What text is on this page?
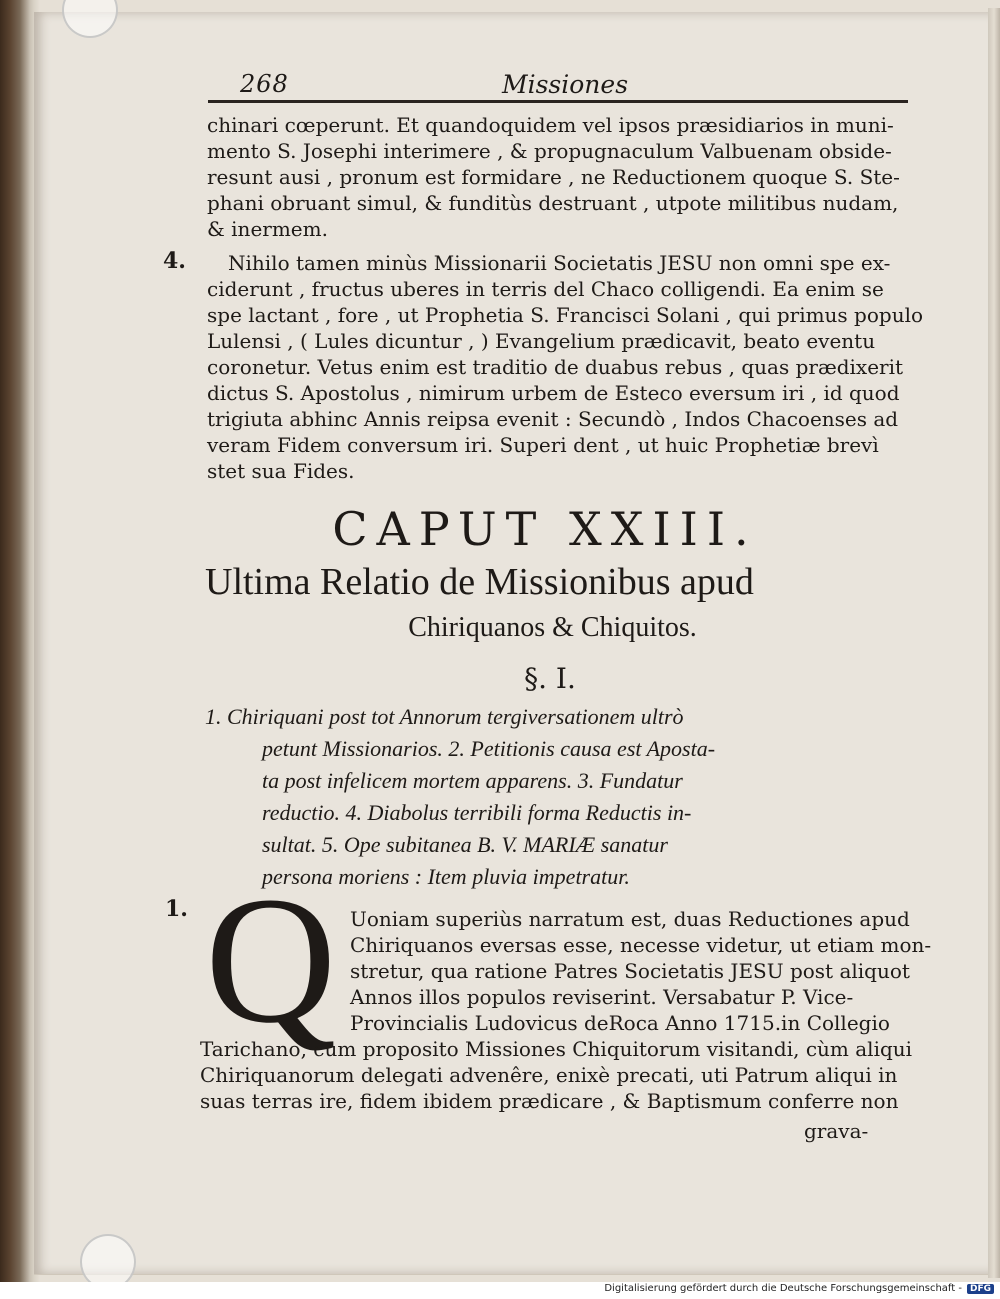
268	Missiones
chinari cœperunt. Et quandoquidem vel ipsos præsidiarios in muni-
mento S. Josephi interimere , & propugnaculum Valbuenam obside-
resunt ausi , pronum est formidare , ne Reductionem quoque S. Ste-
phani obruant simul, & funditùs destruant , utpote militibus nudam,
& inermem.
4. Nihilo tamen minùs Missionarii Societatis JESU non omni spe ex-
ciderunt , fructus uberes in terris del Chaco colligendi. Ea enim se
spe lactant , fore , ut Prophetia S. Francisci Solani , qui primus populo
Lulensi , ( Lules dicuntur , ) Evangelium prædicavit, beato eventu
coronetur. Vetus enim est traditio de duabus rebus , quas prædixerit
dictus S. Apostolus , nimirum urbem de Esteco eversum iri , id quod
trigiuta abhinc Annis reipsa evenit : Secundò , Indos Chacoenses ad
veram Fidem conversum iri. Superi dent , ut huic Prophetiæ brevì
stet sua Fides.
CAPUT XXIII.
Ultima Relatio de Missionibus apud
Chiriquanos & Chiquitos.
§. I.
1. Chiriquani post tot Annorum tergiversationem ultrò
petunt Missionarios. 2. Petitionis causa est Aposta-
ta post infelicem mortem apparens. 3. Fundatur
reductio. 4. Diabolus terribili forma Reductis in-
sultat. 5. Ope subitanea B. V. MARIÆ sanatur
persona moriens : Item pluvia impetratur.
1. Q Uoniam superiùs narratum est, duas Reductiones apud
Chiriquanos eversas esse, necesse videtur, ut etiam mon-
stretur, qua ratione Patres Societatis JESU post aliquot
Annos illos populos reviserint. Versabatur P. Vice-
Provincialis Ludovicus deRoca Anno 1715.in Collegio
Tarichano, cum proposito Missiones Chiquitorum visitandi, cùm aliqui
Chiriquanorum delegati advenêre, enixè precati, uti Patrum aliqui in
suas terras ire, fidem ibidem prædicare , & Baptismum conferre non
grava-
Digitalisierung gefördert durch die Deutsche Forschungsgemeinschaft - DFG
